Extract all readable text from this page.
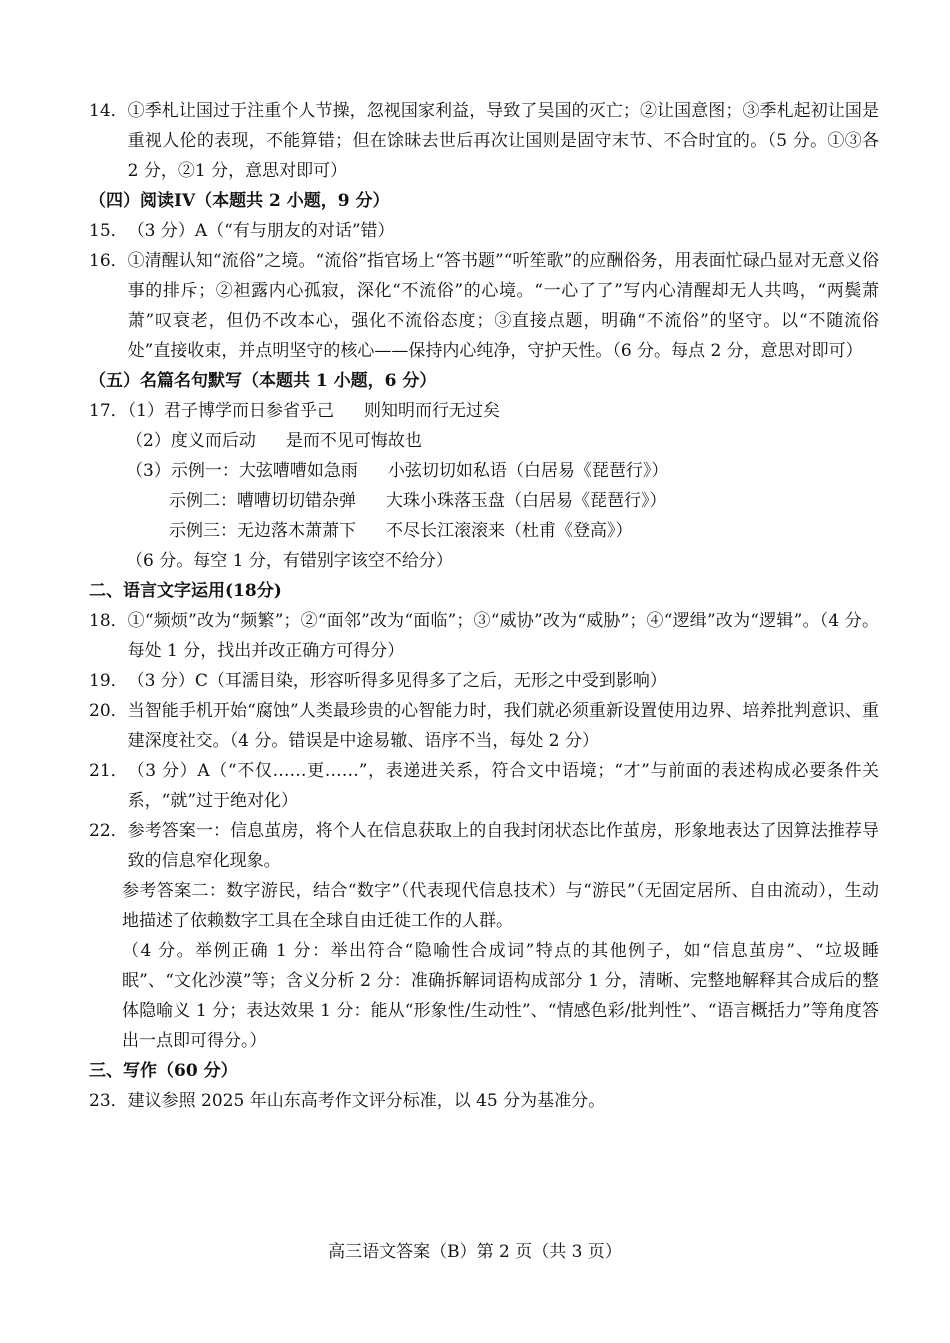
14． ①季札让国过于注重个人节操，忽视国家利益，导致了吴国的灭亡；②让国意图；③季札起初让国是重视人伦的表现，不能算错；但在馀昧去世后再次让国则是固守末节、不合时宜的。（5 分。①③各 2 分，②1 分，意思对即可）
（四）阅读IV（本题共 2 小题，9 分）
15． （3 分）A（“有与朋友的对话”错）
16． ①清醒认知“流俗”之境。“流俗”指官场上“答书题”“听笙歌”的应酬俗务，用表面忙碌凸显对无意义俗事的排斥；②袒露内心孤寂，深化“不流俗”的心境。“一心了了”写内心清醒却无人共鸣，“两鬓萧萧”叹衰老，但仍不改本心，强化不流俗态度；③直接点题，明确“不流俗”的坚守。以“不随流俗处”直接收束，并点明坚守的核心——保持内心纯净，守护天性。（6 分。每点 2 分，意思对即可）
（五）名篇名句默写（本题共 1 小题，6 分）
17．（1）君子博学而日参省乎己 则知明而行无过矣
（2）度义而后动 是而不见可悔故也
（3）示例一：大弦嘈嘈如急雨 小弦切切如私语（白居易《琵琶行》）
示例二：嘈嘈切切错杂弹 大珠小珠落玉盘（白居易《琵琶行》）
示例三：无边落木萧萧下 不尽长江滚滚来（杜甫《登高》）
（6 分。每空 1 分，有错别字该空不给分）
二、语言文字运用(18分)
18． ①“频烦”改为“频繁”；②“面邻”改为“面临”；③“威协”改为“威胁”；④“逻缉”改为“逻辑”。（4 分。每处 1 分，找出并改正确方可得分）
19． （3 分）C（耳濡目染，形容听得多见得多了之后，无形之中受到影响）
20． 当智能手机开始“腐蚀”人类最珍贵的心智能力时，我们就必须重新设置使用边界、培养批判意识、重建深度社交。（4 分。错误是中途易辙、语序不当，每处 2 分）
21． （3 分）A（“不仅……更……”，表递进关系，符合文中语境；“才”与前面的表述构成必要条件关系，“就”过于绝对化）
22． 参考答案一：信息茧房，将个人在信息获取上的自我封闭状态比作茧房，形象地表达了因算法推荐导致的信息窄化现象。
参考答案二：数字游民，结合“数字”（代表现代信息技术）与“游民”（无固定居所、自由流动），生动地描述了依赖数字工具在全球自由迁徙工作的人群。
（4 分。举例正确 1 分：举出符合“隐喻性合成词”特点的其他例子，如“信息茧房”、“垃圾睡眠”、“文化沙漠”等；含义分析 2 分：准确拆解词语构成部分 1 分，清晰、完整地解释其合成后的整体隐喻义 1 分；表达效果 1 分：能从“形象性/生动性”、“情感色彩/批判性”、“语言概括力”等角度答出一点即可得分。）
三、写作（60 分）
23． 建议参照 2025 年山东高考作文评分标准，以 45 分为基准分。
高三语文答案（B）第 2 页（共 3 页）
